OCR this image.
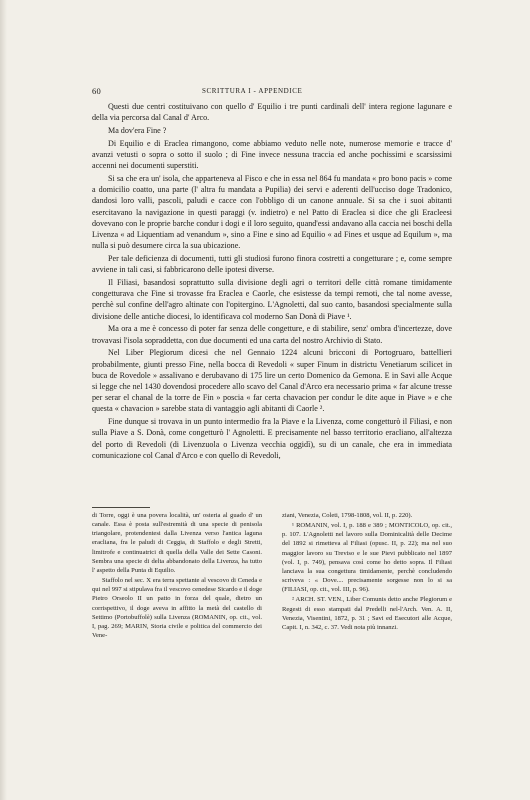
60	SCRITTURA I - APPENDICE

Questi due centri costituivano con quello d' Equilio i tre punti cardinali dell' intera regione lagunare e della via percorsa dal Canal d' Arco.

Ma dov'era Fine ?

Di Equilio e di Eraclea rimangono, come abbiamo veduto nelle note, numerose memorie e tracce d' avanzi vetusti o sopra o sotto il suolo ; di Fine invece nessuna traccia ed anche pochissimi e scarsissimi accenni nei documenti superstiti.

Si sa che era un' isola, che apparteneva al Fisco e che in essa nel 864 fu mandata « pro bono pacis » come a domicilio coatto, una parte (l' altra fu mandata a Pupilia) dei servi e aderenti dell'ucciso doge Tradonico, dandosi loro valli, pascoli, paludi e cacce con l'obbligo di un canone annuale. Si sa che i suoi abitanti esercitavano la navigazione in questi paraggi (v. indietro) e nel Patto di Eraclea si dice che gli Eracleesi dovevano con le proprie barche condur i dogi e il loro seguito, quand'essi andavano alla caccia nei boschi della Livenza « ad Liquentiam ad venandum », sino a Fine e sino ad Equilio « ad Fines et usque ad Equilum », ma nulla si può desumere circa la sua ubicazione.

Per tale deficienza di documenti, tutti gli studiosi furono finora costretti a congetturare ; e, come sempre avviene in tali casi, si fabbricarono delle ipotesi diverse.

Il Filiasi, basandosi soprattutto sulla divisione degli agri o territori delle città romane timidamente congetturava che Fine si trovasse fra Eraclea e Caorle, che esistesse da tempi remoti, che tal nome avesse, perchè sul confine dell'agro altinate con l'opitergino. L'Agnoletti, dal suo canto, basandosi specialmente sulla divisione delle antiche diocesi, lo identificava col moderno San Donà di Piave ¹.

Ma ora a me è concesso di poter far senza delle congetture, e di stabilire, senz' ombra d'incertezze, dove trovavasi l'isola sopraddetta, con due documenti ed una carta del nostro Archivio di Stato.

Nel Liber Plegiorum dicesi che nel Gennaio 1224 alcuni bricconi di Portogruaro, battellieri probabilmente, giunti presso Fine, nella bocca di Revedoli « super Finum in districtu Venetiarum scilicet in buca de Rovedole » assalivano e derubavano di 175 lire un certo Domenico da Gemona. E in Savi alle Acque si legge che nel 1430 dovendosi procedere allo scavo del Canal d'Arco era necessario prima « far alcune tresse per serar el chanal de la torre de Fin » poscia « far certa chavacion per condur le dite aque in Piave » e che questa « chavacion » sarebbe stata di vantaggio agli abitanti di Caorle ².

Fine dunque si trovava in un punto intermedio fra la Piave e la Livenza, come congetturò il Filiasi, e non sulla Piave a S. Donà, come congetturò l' Agnoletti. E precisamente nel basso territorio eracliano, all'altezza del porto di Revedoli (di Livenzuola o Livenza vecchia oggidì), su di un canale, che era in immediata comunicazione col Canal d'Arco e con quello di Revedoli,

di Torre, oggi è una povera località, un' osteria al guado d' un canale. Essa è posta sull'estremità di una specie di penisola triangolare, protendentesi dalla Livenza verso l'antica laguna eracliana, fra le paludi di Ceggia, di Staffolo e degli Stretti, limitrofe e continuatrici di quella della Valle dei Sette Casoni. Sembra una specie di delta abbandonato della Livenza, ha tutto l' aspetto della Punta di Equilio.

Staffolo nel sec. X era terra spettante al vescovo di Ceneda e qui nel 997 si stipulava fra il vescovo cenedese Sicardo e il doge Pietro Orseolo II un patto in forza del quale, dietro un corrispettivo, il doge aveva in affitto la metà del castello di Settimo (Portobuffolè) sulla Livenza (ROMANIN, op. cit., vol. I, pag. 269; MARIN, Storia civile e politica del commercio dei Vene-

ziani, Venezia, Coleti, 1798-1808, vol. II, p. 220).

¹ ROMANIN, vol. I, p. 188 e 389 ; MONTICOLO, op. cit., p. 107. L'Agnoletti nel lavoro sulla Dominicalità delle Decime del 1892 si rimetteva al Filiasi (opusc. II, p. 22); ma nel suo maggior lavoro su Treviso e le sue Pievi pubblicato nel 1897 (vol. I, p. 749), pensava così come ho detto sopra. Il Filiasi lanciava la sua congettura timidamente, perchè concludendo scriveva : « Dove.... precisamente sorgesse non lo si sa (FILIASI, op. cit., vol. III, p. 96).

² ARCH. ST. VEN., Liber Comunis detto anche Plegiorum e Regesti di esso stampati dal Predelli nel-l'Arch. Ven. A. II, Venezia, Visentini, 1872, p. 31 ; Savi ed Esecutori alle Acque, Capit. I, n. 342, c. 37. Vedi nota più innanzi.
